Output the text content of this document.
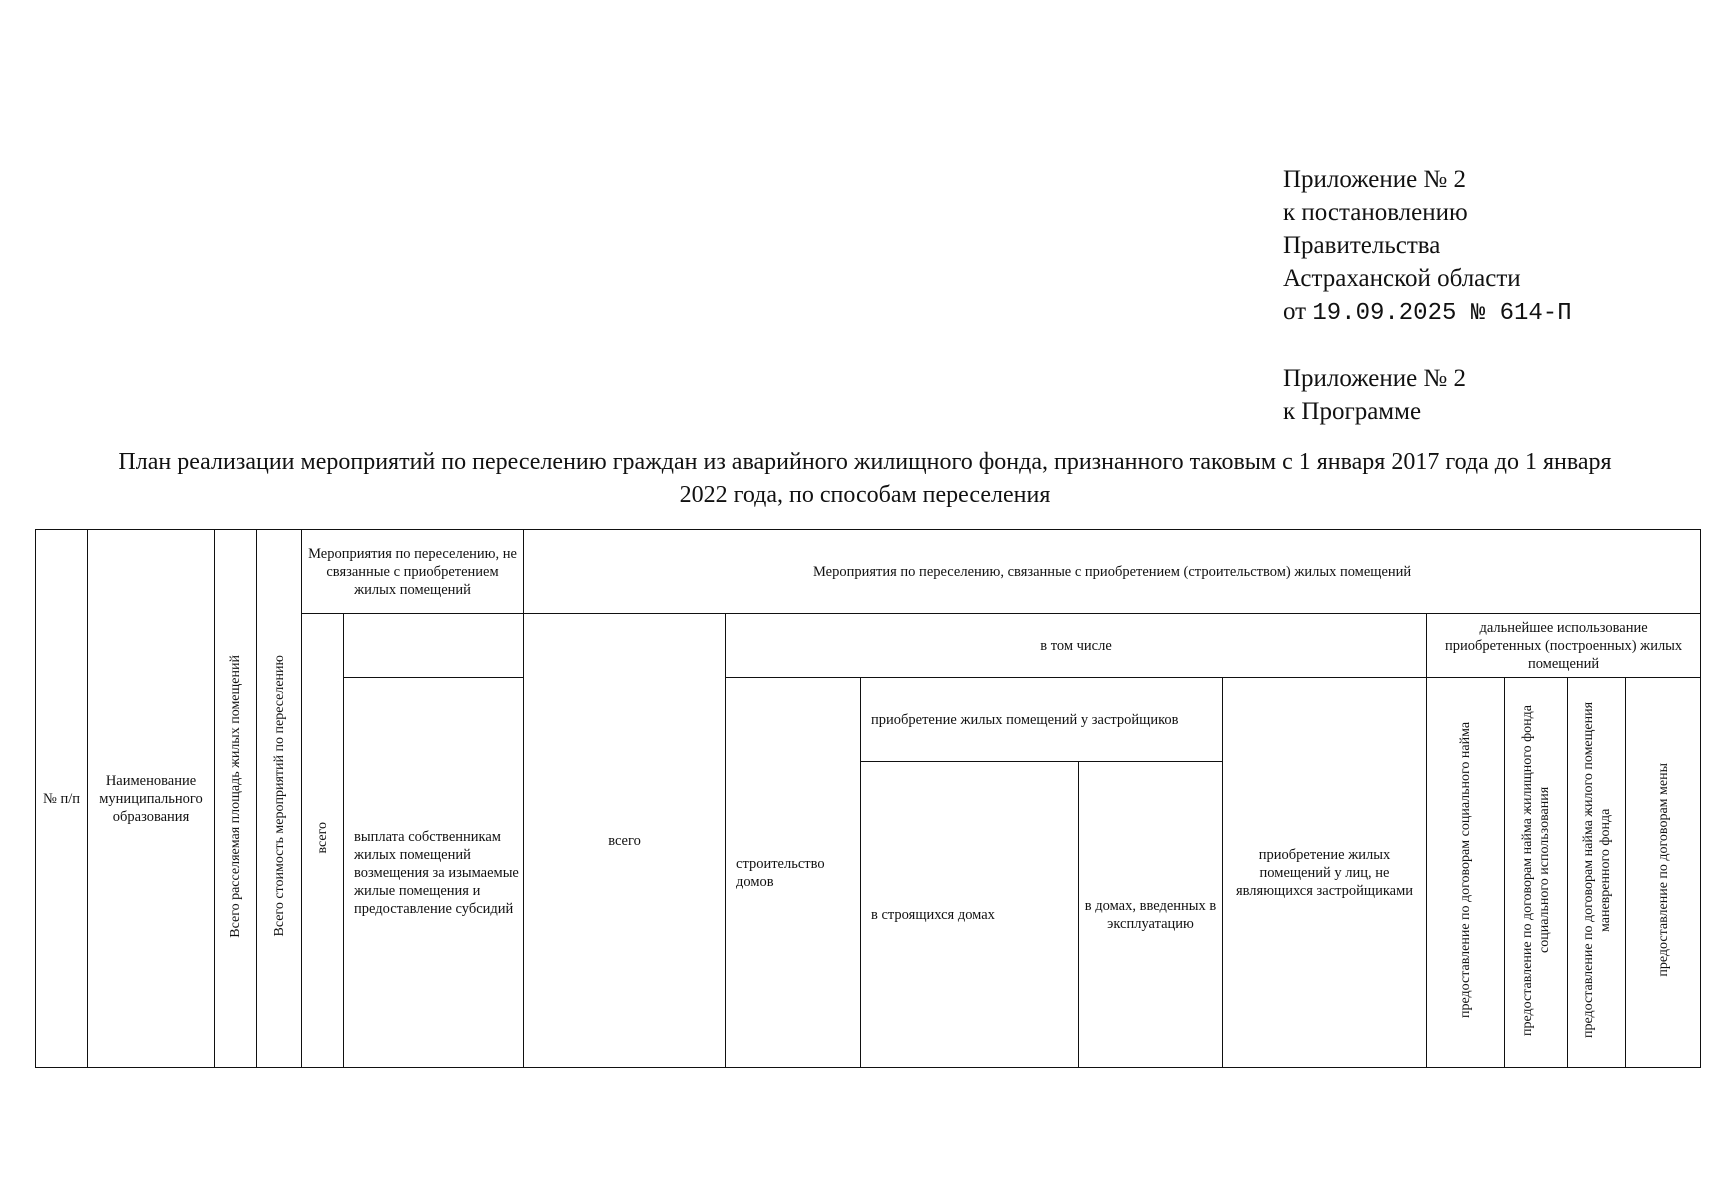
Приложение № 2
к постановлению
Правительства
Астраханской области
от 19.09.2025 № 614-П
Приложение № 2
к Программе
План реализации мероприятий по переселению граждан из аварийного жилищного фонда, признанного таковым с 1 января 2017 года до 1 января 2022 года, по способам переселения
№ п/п	Наименование муниципального образования	Всего расселяемая площадь жилых помещений	Всего стоимость мероприятий по переселению	Мероприятия по переселению, не связанные с приобретением жилых помещений		Мероприятия по переселению, связанные с приобретением (строительством) жилых помещений								
				всего		всего	в том числе				дальнейшее использование приобретенных (построенных) жилых помещений			
					выплата собственникам жилых помещений возмещения за изымаемые жилые помещения и предоставление субсидий		строительство домов	приобретение жилых помещений у застройщиков		приобретение жилых помещений у лиц, не являющихся застройщиками	предоставление по договорам социального найма	предоставление по договорам найма жилищного фонда социального использования	предоставление по договорам найма жилого помещения маневренного фонда	предоставление по договорам мены
								в строящихся домах	в домах, введенных в эксплуатацию					
